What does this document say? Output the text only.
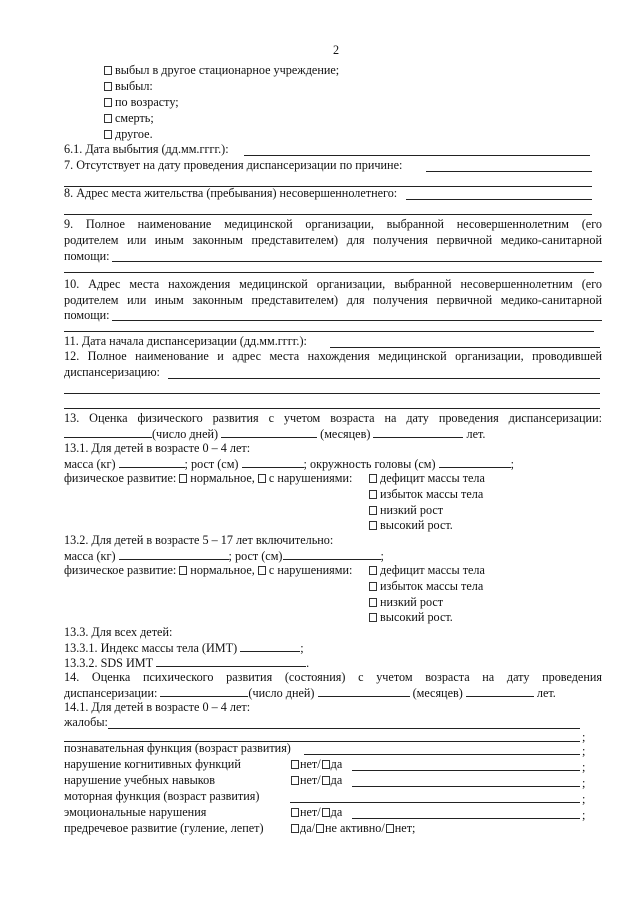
2
выбыл в другое стационарное учреждение;
выбыл:
по возрасту;
смерть;
другое.
6.1. Дата выбытия (дд.мм.гггг.):
7. Отсутствует на дату проведения диспансеризации по причине:
8. Адрес места жительства (пребывания) несовершеннолетнего:
9. Полное наименование медицинской организации, выбранной несовершеннолетним (его
родителем или иным законным представителем) для получения первичной медико-санитарной
помощи:
10. Адрес места нахождения медицинской организации, выбранной несовершеннолетним (его
родителем или иным законным представителем) для получения первичной медико-санитарной
помощи:
11. Дата начала диспансеризации (дд.мм.гггг.):
12. Полное наименование и адрес места нахождения медицинской организации, проводившей
диспансеризацию:
13. Оценка физического развития с учетом возраста на дату проведения диспансеризации:
(число дней)	(месяцев)	лет.
13.1. Для детей в возрасте 0 – 4 лет:
масса (кг)	; рост (см)	; окружность головы (см)	;
физическое развитие: нормальное, с нарушениями:	дефицит массы тела
избыток массы тела
низкий рост
высокий рост.
13.2. Для детей в возрасте 5 – 17 лет включительно:
масса (кг)	; рост (см)	;
физическое развитие: нормальное, с нарушениями:	дефицит массы тела
избыток массы тела
низкий рост
высокий рост.
13.3. Для всех детей:
13.3.1. Индекс массы тела (ИМТ)	;
13.3.2. SDS ИМТ	.
14. Оценка психического развития (состояния) с учетом возраста на дату проведения
диспансеризации:	(число дней)	(месяцев)	лет.
14.1. Для детей в возрасте 0 – 4 лет:
жалобы:
;
познавательная функция (возраст развития)	;
нарушение когнитивных функций	нет/ да	;
нарушение учебных навыков	нет/ да	;
моторная функция (возраст развития)	;
эмоциональные нарушения	нет/ да	;
предречевое развитие (гуление, лепет)	да/ не активно/ нет;
